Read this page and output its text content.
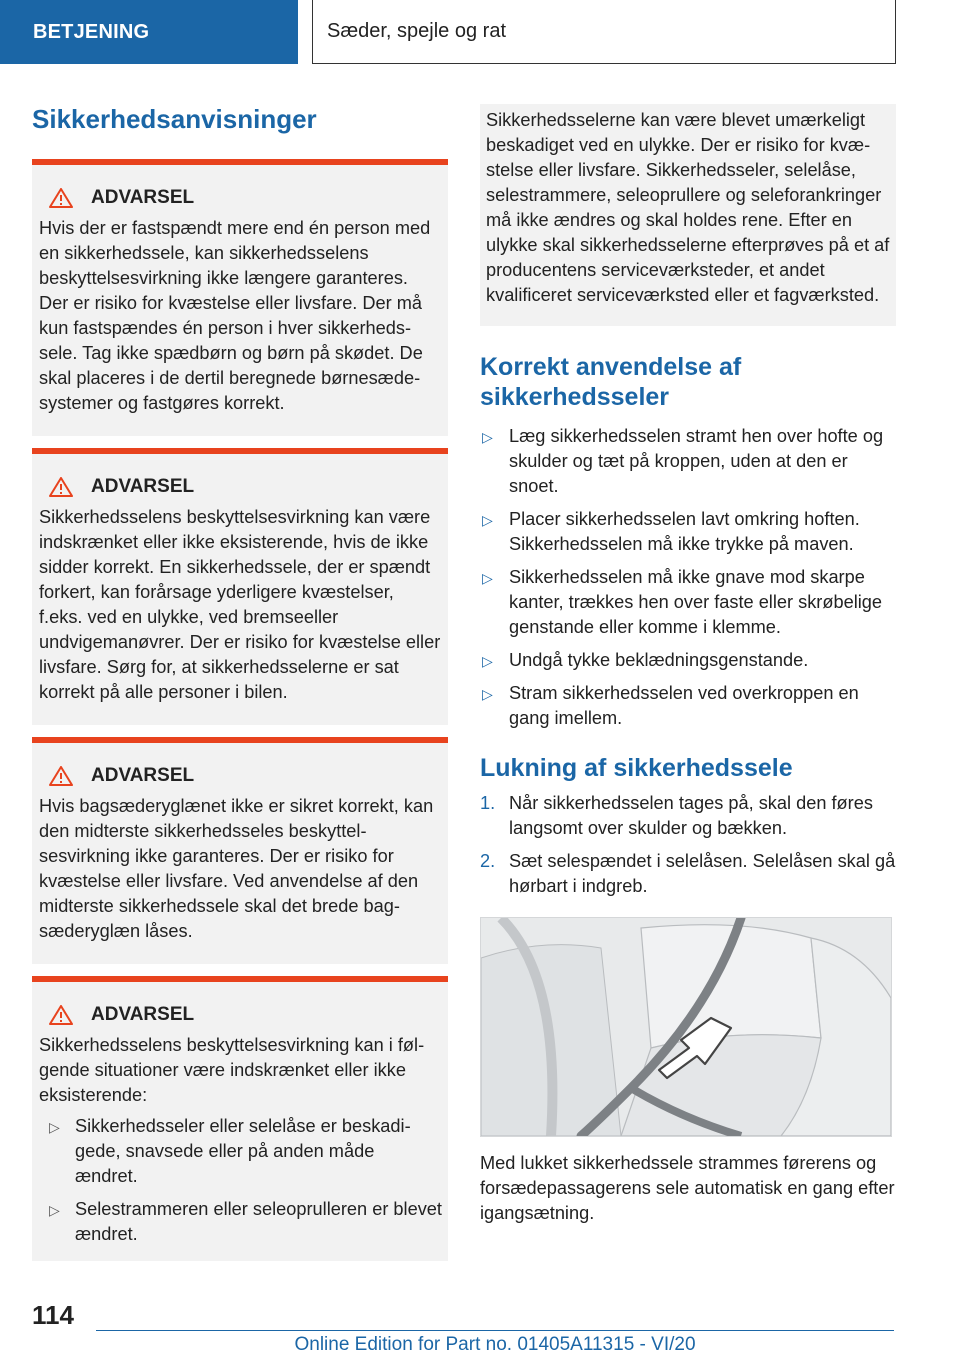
BETJENING	Sæder, spejle og rat
Sikkerhedsanvisninger
ADVARSEL
Hvis der er fastspændt mere end én person med en sikkerhedssele, kan sikkerhedsselens beskyttelsesvirkning ikke længere garanteres. Der er risiko for kvæstelse eller livsfare. Der må kun fastspændes én person i hver sikkerhedssele. Tag ikke spædbørn og børn på skødet. De skal placeres i de dertil beregnede børnesædesystemer og fastgøres korrekt.
ADVARSEL
Sikkerhedsselens beskyttelsesvirkning kan være indskrænket eller ikke eksisterende, hvis de ikke sidder korrekt. En sikkerhedssele, der er spændt forkert, kan forårsage yderligere kvæstelser, f.eks. ved en ulykke, ved bremseeller undvigemanøvrer. Der er risiko for kvæstelse eller livsfare. Sørg for, at sikkerhedsselerne er sat korrekt på alle personer i bilen.
ADVARSEL
Hvis bagsæderyglænet ikke er sikret korrekt, kan den midterste sikkerhedsseles beskyttelsesvirkning ikke garanteres. Der er risiko for kvæstelse eller livsfare. Ved anvendelse af den midterste sikkerhedssele skal det brede bagsæderyglæn låses.
ADVARSEL
Sikkerhedsselens beskyttelsesvirkning kan i følgende situationer være indskrænket eller ikke eksisterende:
▷ Sikkerhedsseler eller selelåse er beskadigede, snavsede eller på anden måde ændret.
▷ Selestrammeren eller seleoprulleren er blevet ændret.
Sikkerhedsselerne kan være blevet umærkeligt beskadiget ved en ulykke. Der er risiko for kvæstelse eller livsfare. Sikkerhedsseler, selelåse, selestrammere, seleoprullere og seleforankringer må ikke ændres og skal holdes rene. Efter en ulykke skal sikkerhedsselerne efterprøves på et af producentens serviceværksteder, et andet kvalificeret serviceværksted eller et fagværksted.
Korrekt anvendelse af sikkerhedsseler
▷ Læg sikkerhedsselen stramt hen over hofte og skulder og tæt på kroppen, uden at den er snoet.
▷ Placer sikkerhedsselen lavt omkring hoften. Sikkerhedsselen må ikke trykke på maven.
▷ Sikkerhedsselen må ikke gnave mod skarpe kanter, trækkes hen over faste eller skrøbelige genstande eller komme i klemme.
▷ Undgå tykke beklædningsgenstande.
▷ Stram sikkerhedsselen ved overkroppen en gang imellem.
Lukning af sikkerhedssele
1. Når sikkerhedsselen tages på, skal den føres langsomt over skulder og bækken.
2. Sæt selespændet i selelåsen. Selelåsen skal gå hørbart i indgreb.
Med lukket sikkerhedssele strammes førerens og forsædepassagerens sele automatisk en gang efter igangsætning.
114
Online Edition for Part no. 01405A11315 - VI/20
